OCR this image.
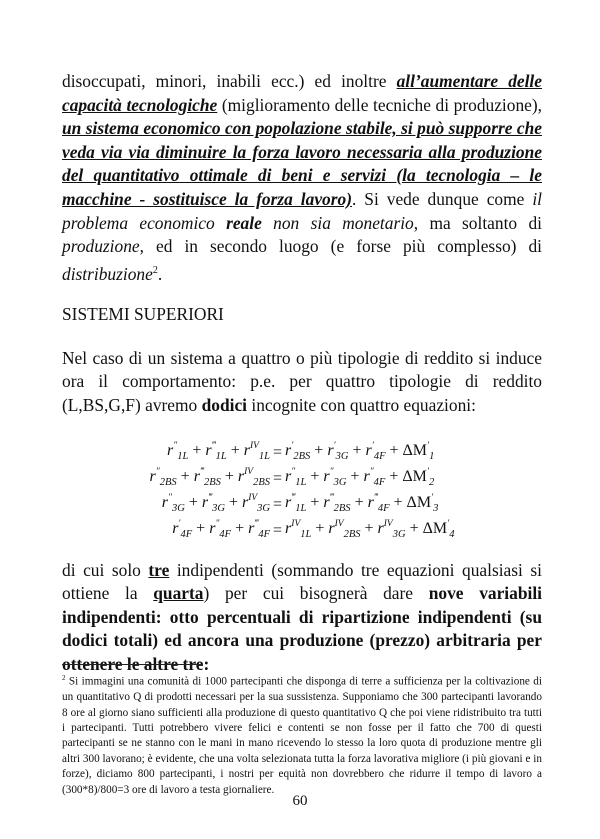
disoccupati, minori, inabili ecc.) ed inoltre all’aumentare delle capacità tecnologiche (miglioramento delle tecniche di produzione), un sistema economico con popolazione stabile, si può supporre che veda via via diminuire la forza lavoro necessaria alla produzione del quantitativo ottimale di beni e servizi (la tecnologia – le macchine - sostituisce la forza lavoro). Si vede dunque come il problema economico reale non sia monetario, ma soltanto di produzione, ed in secondo luogo (e forse più complesso) di distribuzione$^2$.

SISTEMI SUPERIORI

Nel caso di un sistema a quattro o più tipologie di reddito si induce ora il comportamento: p.e. per quattro tipologie di reddito (L,BS,G,F) avremo dodici incognite con quattro equazioni:

$r''_{1L} + r^‴_{1L} + r^{IV}_{1L}$	=	$r'_{2BS} + r'_{3G} + r'_{4F} + \Delta M'_1$
$r''_{2BS} + r^‴_{2BS} + r^{IV}_{2BS}$	=	$r''_{1L} + r''_{3G} + r''_{4F} + \Delta M'_2$
$r''_{3G} + r^‴_{3G} + r^{IV}_{3G}$	=	$r^‴_{1L} + r^‴_{2BS} + r^‴_{4F} + \Delta M'_3$
$r'_{4F} + r''_{4F} + r^‴_{4F}$	=	$r^{IV}_{1L} + r^{IV}_{2BS} + r^{IV}_{3G} + \Delta M'_4$

di cui solo tre indipendenti (sommando tre equazioni qualsiasi si ottiene la quarta) per cui bisognerà dare nove variabili indipendenti: otto percentuali di ripartizione indipendenti (su dodici totali) ed ancora una produzione (prezzo) arbitraria per ottenere le altre tre:

$^2$ Si immagini una comunità di 1000 partecipanti che disponga di terre a sufficienza per la coltivazione di un quantitativo Q di prodotti necessari per la sua sussistenza. Supponiamo che 300 partecipanti lavorando 8 ore al giorno siano sufficienti alla produzione di questo quantitativo Q che poi viene ridistribuito tra tutti i partecipanti. Tutti potrebbero vivere felici e contenti se non fosse per il fatto che 700 di questi partecipanti se ne stanno con le mani in mano ricevendo lo stesso la loro quota di produzione mentre gli altri 300 lavorano; è evidente, che una volta selezionata tutta la forza lavorativa migliore (i più giovani e in forze), diciamo 800 partecipanti, i nostri per equità non dovrebbero che ridurre il tempo di lavoro a (300*8)/800=3 ore di lavoro a testa giornaliere.

60
